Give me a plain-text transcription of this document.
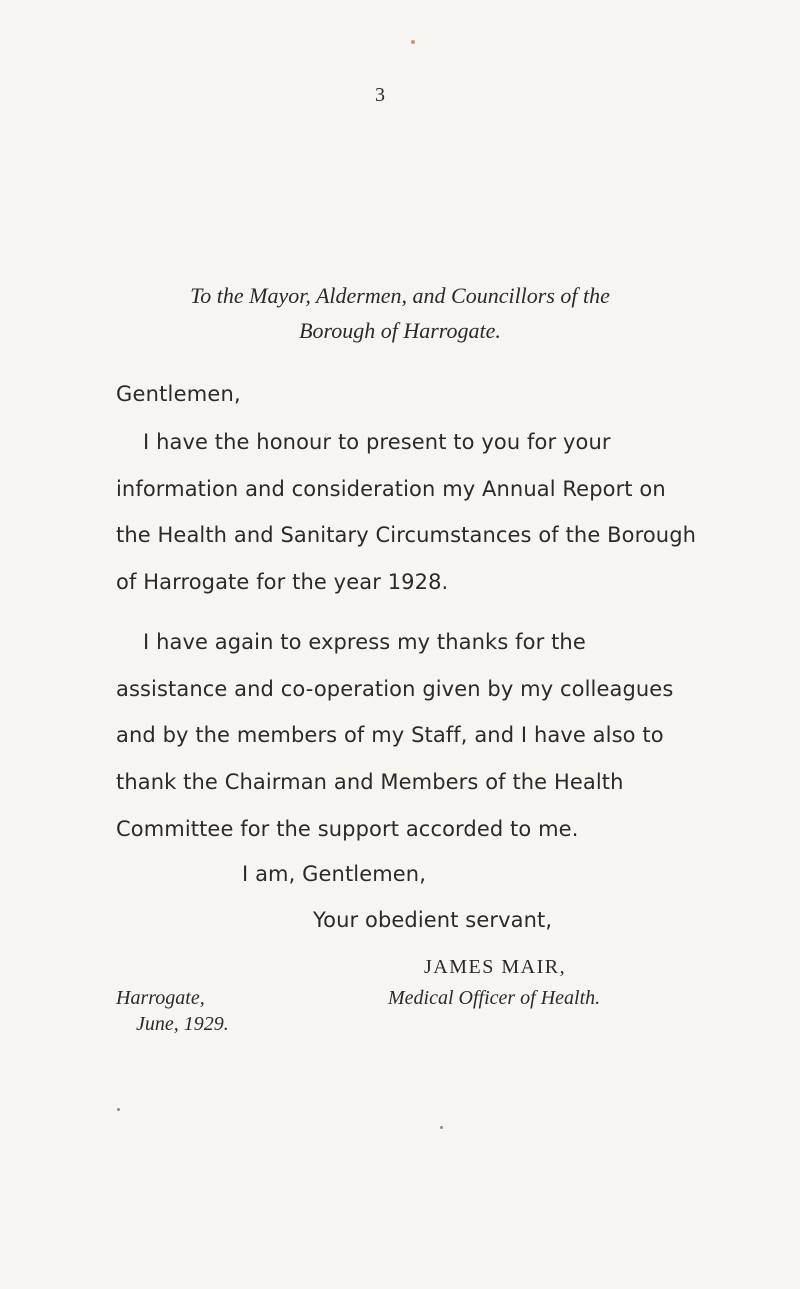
3
To the Mayor, Aldermen, and Councillors of the
Borough of Harrogate.
Gentlemen,
I have the honour to present to you for your
information and consideration my Annual Report on
the Health and Sanitary Circumstances of the Borough
of Harrogate for the year 1928.
I have again to express my thanks for the
assistance and co-operation given by my colleagues
and by the members of my Staff, and I have also to
thank the Chairman and Members of the Health
Committee for the support accorded to me.
I am, Gentlemen,
Your obedient servant,
JAMES MAIR,
Medical Officer of Health.
Harrogate,
June, 1929.
